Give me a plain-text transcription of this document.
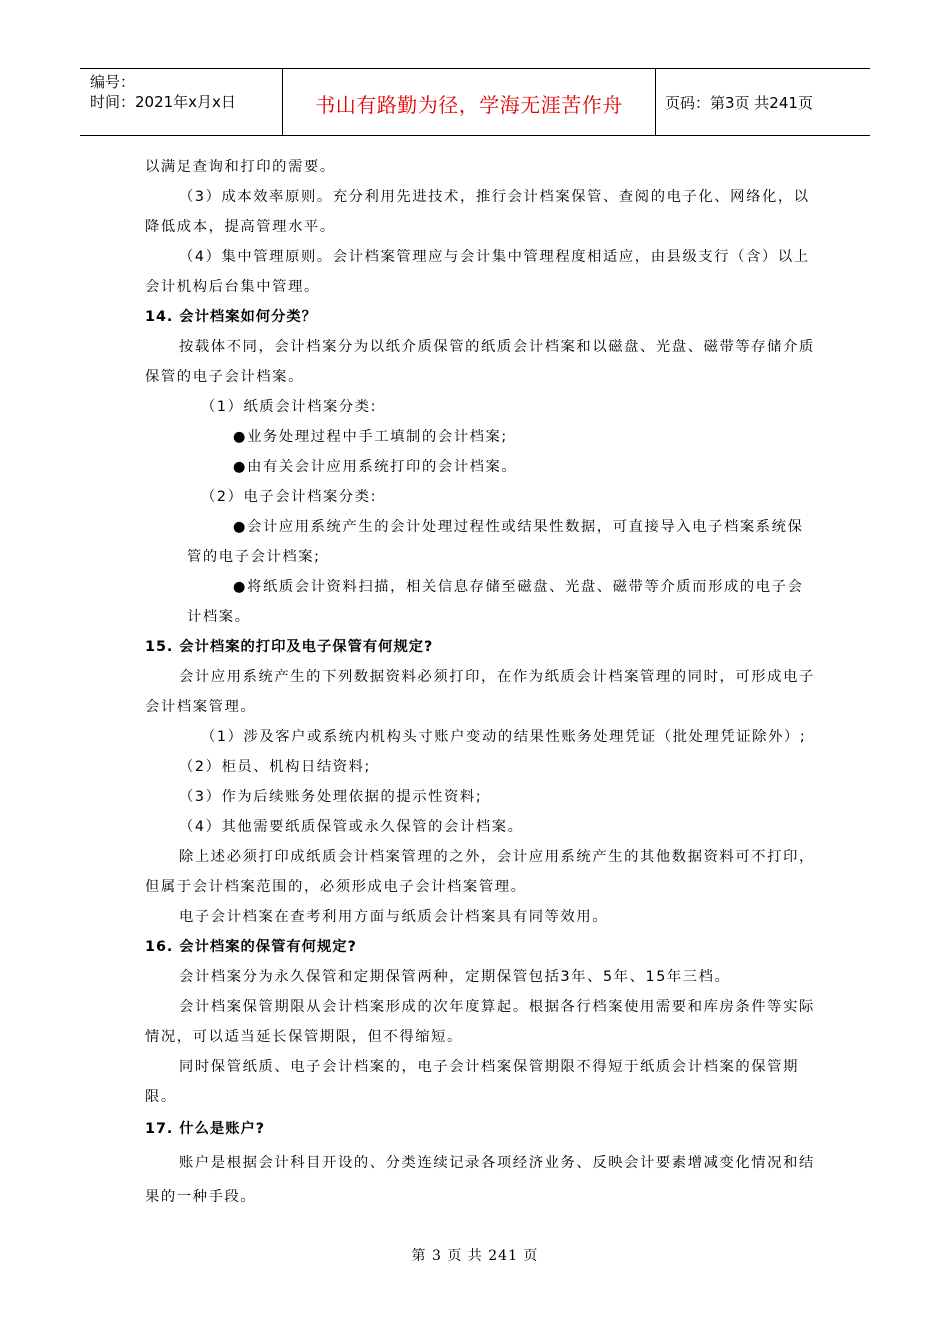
编号：
时间：2021年x月x日	书山有路勤为径，学海无涯苦作舟	页码：第3页 共241页

以满足查询和打印的需要。

（3）成本效率原则。充分利用先进技术，推行会计档案保管、查阅的电子化、网络化，以降低成本，提高管理水平。

（4）集中管理原则。会计档案管理应与会计集中管理程度相适应，由县级支行（含）以上会计机构后台集中管理。

14. 会计档案如何分类？

按载体不同，会计档案分为以纸介质保管的纸质会计档案和以磁盘、光盘、磁带等存储介质保管的电子会计档案。

（1）纸质会计档案分类:

●业务处理过程中手工填制的会计档案;

●由有关会计应用系统打印的会计档案。

（2）电子会计档案分类:

●会计应用系统产生的会计处理过程性或结果性数据，可直接导入电子档案系统保管的电子会计档案;

●将纸质会计资料扫描，相关信息存储至磁盘、光盘、磁带等介质而形成的电子会计档案。

15. 会计档案的打印及电子保管有何规定?

会计应用系统产生的下列数据资料必须打印，在作为纸质会计档案管理的同时，可形成电子会计档案管理。

（1）涉及客户或系统内机构头寸账户变动的结果性账务处理凭证（批处理凭证除外）;

（2）柜员、机构日结资料;

（3）作为后续账务处理依据的提示性资料;

（4）其他需要纸质保管或永久保管的会计档案。

除上述必须打印成纸质会计档案管理的之外，会计应用系统产生的其他数据资料可不打印，但属于会计档案范围的，必须形成电子会计档案管理。

电子会计档案在查考利用方面与纸质会计档案具有同等效用。

16. 会计档案的保管有何规定?

会计档案分为永久保管和定期保管两种，定期保管包括3年、5年、15年三档。

会计档案保管期限从会计档案形成的次年度算起。根据各行档案使用需要和库房条件等实际情况，可以适当延长保管期限，但不得缩短。

同时保管纸质、电子会计档案的，电子会计档案保管期限不得短于纸质会计档案的保管期限。

17. 什么是账户?

账户是根据会计科目开设的、分类连续记录各项经济业务、反映会计要素增减变化情况和结果的一种手段。

第 3 页 共 241 页
